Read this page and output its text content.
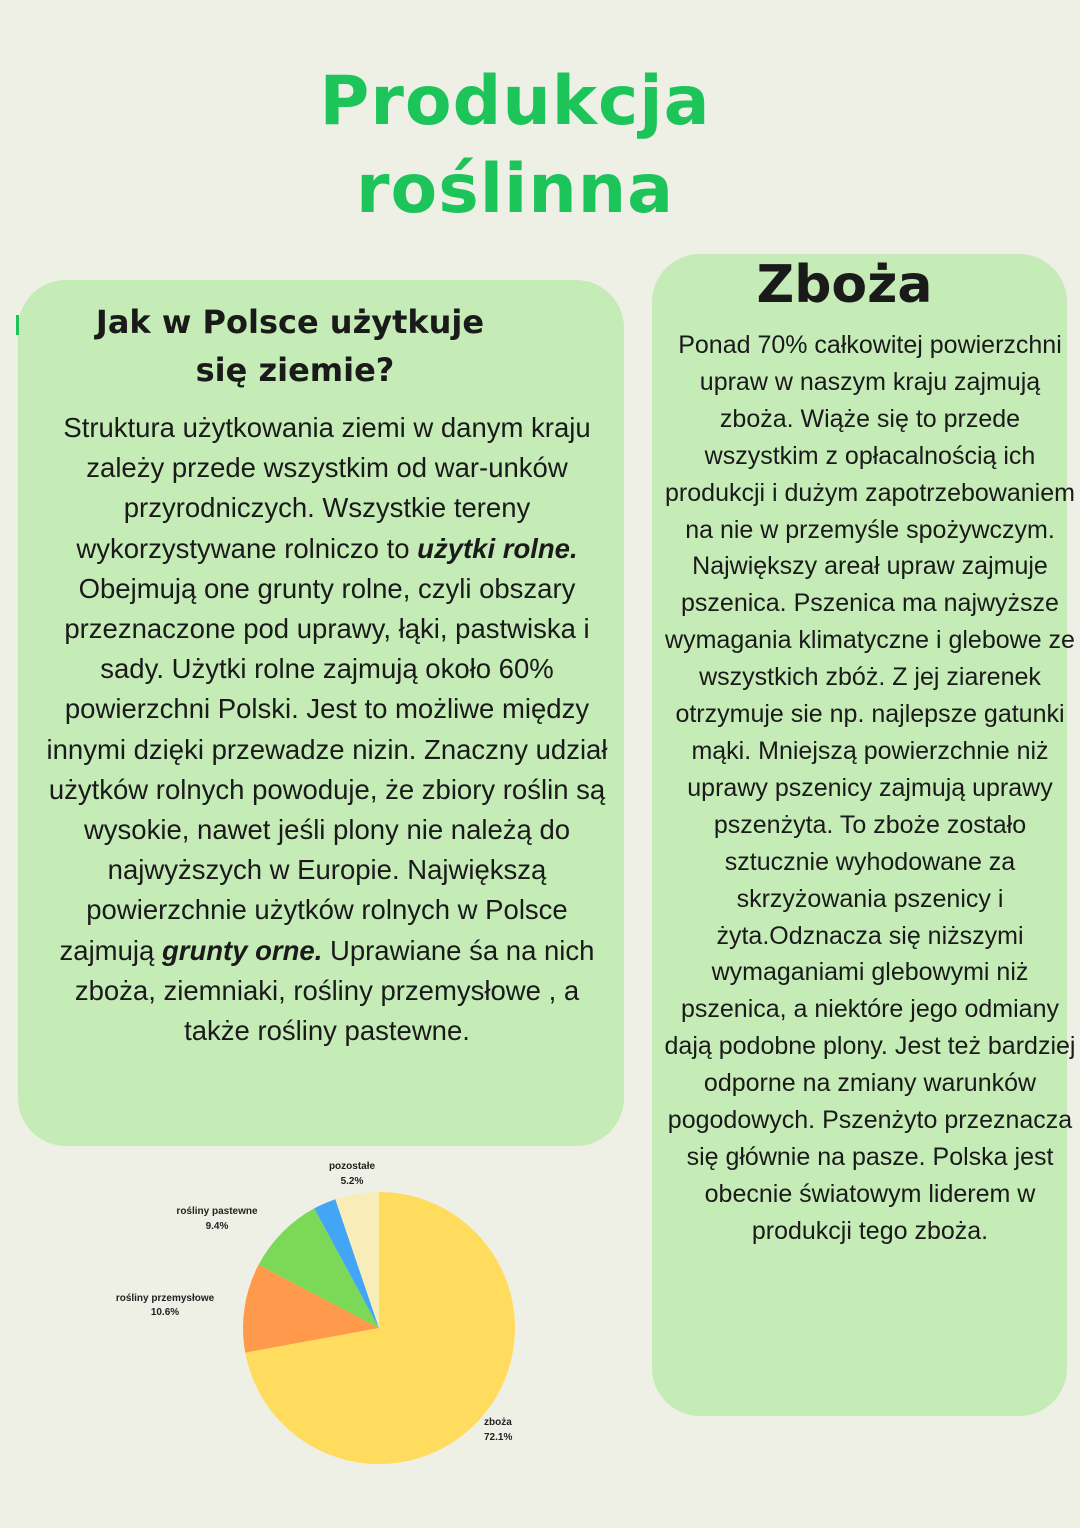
Produkcja
roślinna
Jak w Polsce użytkuje
się ziemie?
Struktura użytkowania ziemi w danym kraju zależy przede wszystkim od war-unków przyrodniczych. Wszystkie tereny wykorzystywane rolniczo to użytki rolne. Obejmują one grunty rolne, czyli obszary przeznaczone pod uprawy, łąki, pastwiska i sady. Użytki rolne zajmują około 60% powierzchni Polski. Jest to możliwe między innymi dzięki przewadze nizin. Znaczny udział użytków rolnych powoduje, że zbiory roślin są wysokie, nawet jeśli plony nie należą do najwyższych w Europie. Największą powierzchnie użytków rolnych w Polsce zajmują grunty orne. Uprawiane śa na nich zboża, ziemniaki, rośliny przemysłowe , a także rośliny pastewne.
Zboża
Ponad 70% całkowitej powierzchni upraw w naszym kraju zajmują zboża. Wiąże się to przede wszystkim z opłacalnością ich produkcji i dużym zapotrzebowaniem na nie w przemyśle spożywczym. Największy areał upraw zajmuje pszenica. Pszenica ma najwyższe wymagania klimatyczne i glebowe ze wszystkich zbóż. Z jej ziarenek otrzymuje sie np. najlepsze gatunki mąki. Mniejszą powierzchnie niż uprawy pszenicy zajmują uprawy pszenżyta. To zboże zostało sztucznie wyhodowane za skrzyżowania pszenicy i żyta.Odznacza się niższymi wymaganiami glebowymi niż pszenica, a niektóre jego odmiany dają podobne plony. Jest też bardziej odporne na zmiany warunków pogodowych. Pszenżyto przeznacza się głównie na pasze. Polska jest obecnie światowym liderem w produkcji tego zboża.
zboża
72.1%
rośliny przemysłowe
10.6%
rośliny pastewne
9.4%
pozostałe
5.2%
